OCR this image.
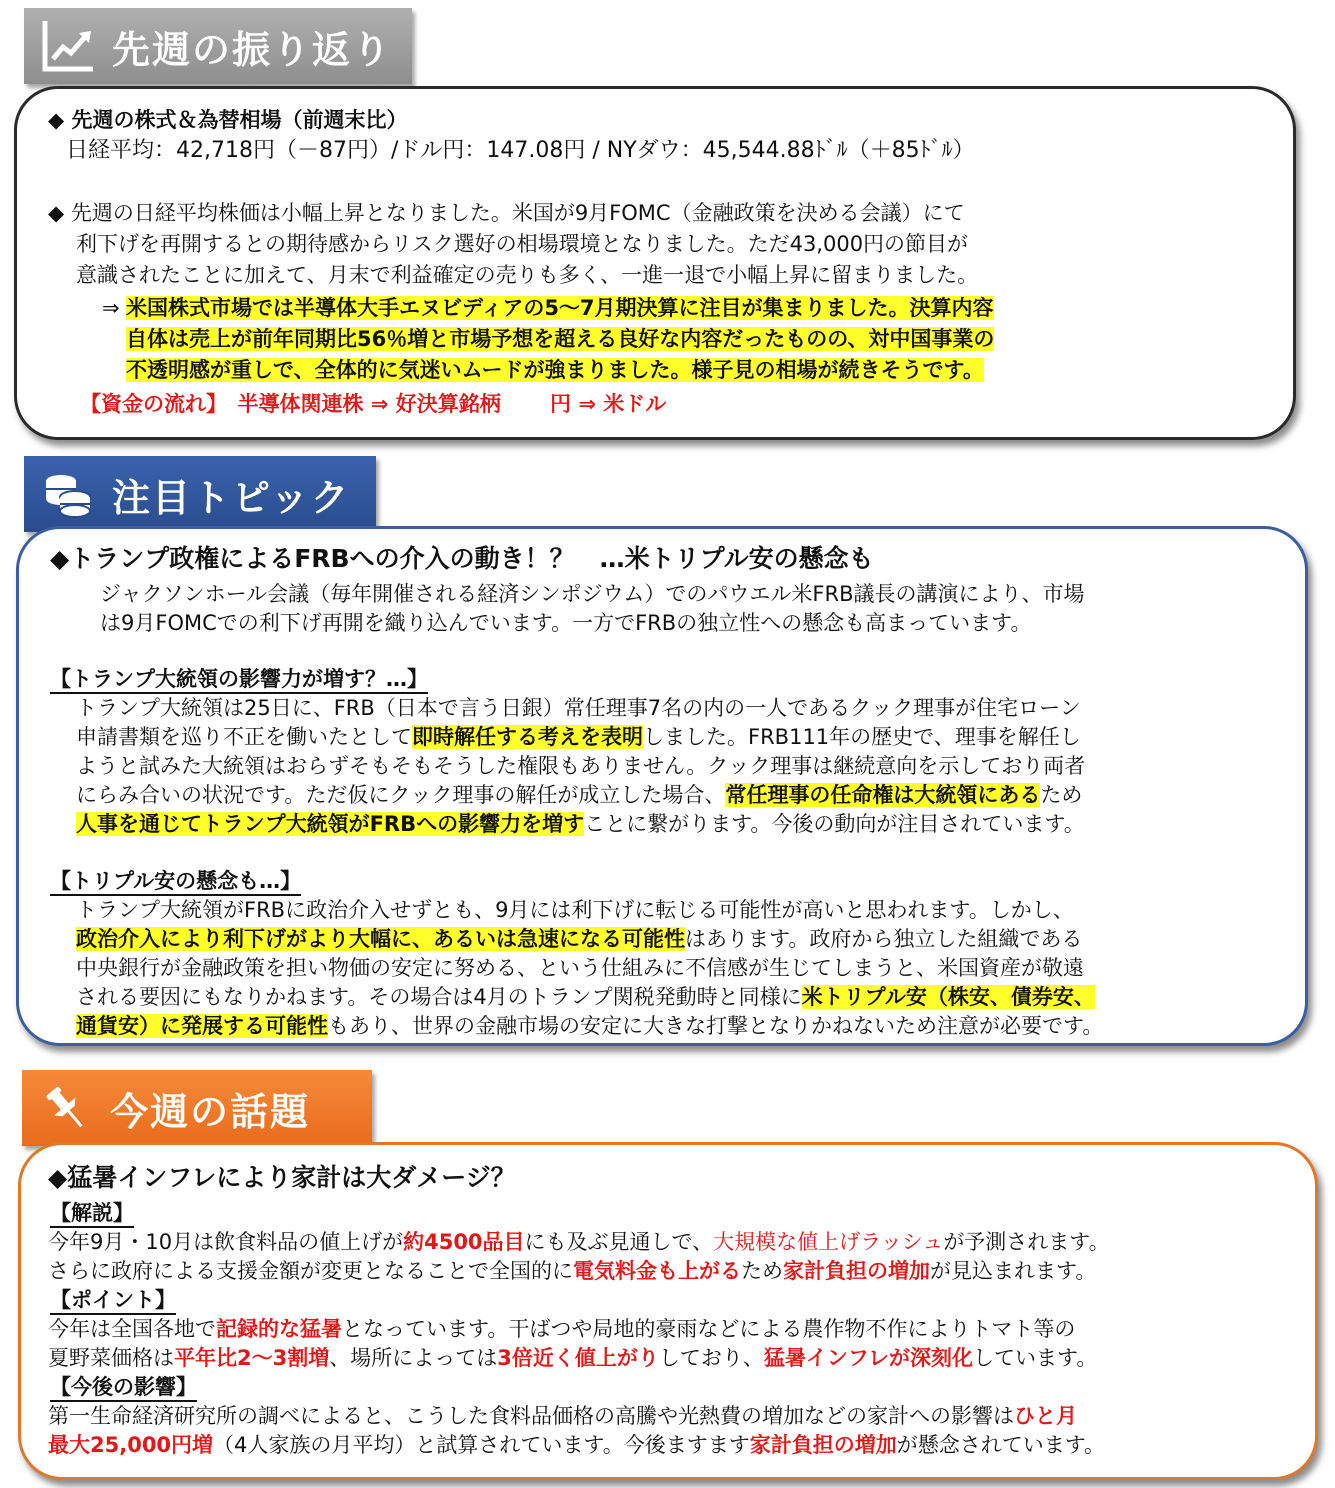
先週の振り返り
◆ 先週の株式＆為替相場（前週末比）
日経平均：42,718円（－87円）/ドル円：147.08円 / NYダウ：45,544.88ﾄﾞﾙ（＋85ﾄﾞﾙ）
◆ 先週の日経平均株価は小幅上昇となりました。米国が9月FOMC（金融政策を決める会議）にて
利下げを再開するとの期待感からリスク選好の相場環境となりました。ただ43,000円の節目が
意識されたことに加えて、月末で利益確定の売りも多く、一進一退で小幅上昇に留まりました。
⇒ 米国株式市場では半導体大手エヌビディアの5～7月期決算に注目が集まりました。決算内容
自体は売上が前年同期比56％増と市場予想を超える良好な内容だったものの、対中国事業の
不透明感が重しで、全体的に気迷いムードが強まりました。様子見の相場が続きそうです。
【資金の流れ】　半導体関連株 ⇒ 好決算銘柄　　 円 ⇒ 米ドル
注目トピック
◆トランプ政権によるFRBへの介入の動き！？　…米トリプル安の懸念も
ジャクソンホール会議（毎年開催される経済シンポジウム）でのパウエル米FRB議長の講演により、市場
は9月FOMCでの利下げ再開を織り込んでいます。一方でFRBの独立性への懸念も高まっています。
【トランプ大統領の影響力が増す？…】
トランプ大統領は25日に、FRB（日本で言う日銀）常任理事7名の内の一人であるクック理事が住宅ローン
申請書類を巡り不正を働いたとして即時解任する考えを表明しました。FRB111年の歴史で、理事を解任し
ようと試みた大統領はおらずそもそもそうした権限もありません。クック理事は継続意向を示しており両者
にらみ合いの状況です。ただ仮にクック理事の解任が成立した場合、常任理事の任命権は大統領にあるため
人事を通じてトランプ大統領がFRBへの影響力を増すことに繋がります。今後の動向が注目されています。
【トリプル安の懸念も…】
トランプ大統領がFRBに政治介入せずとも、9月には利下げに転じる可能性が高いと思われます。しかし、
政治介入により利下げがより大幅に、あるいは急速になる可能性はあります。政府から独立した組織である
中央銀行が金融政策を担い物価の安定に努める、という仕組みに不信感が生じてしまうと、米国資産が敬遠
される要因にもなりかねます。その場合は4月のトランプ関税発動時と同様に米トリプル安（株安、債券安、
通貨安）に発展する可能性もあり、世界の金融市場の安定に大きな打撃となりかねないため注意が必要です。
今週の話題
◆猛暑インフレにより家計は大ダメージ？
【解説】
今年9月・10月は飲食料品の値上げが約4500品目にも及ぶ見通しで、大規模な値上げラッシュが予測されます。
さらに政府による支援金額が変更となることで全国的に電気料金も上がるため家計負担の増加が見込まれます。
【ポイント】
今年は全国各地で記録的な猛暑となっています。干ばつや局地的豪雨などによる農作物不作によりトマト等の
夏野菜価格は平年比2～3割増、場所によっては3倍近く値上がりしており、猛暑インフレが深刻化しています。
【今後の影響】
第一生命経済研究所の調べによると、こうした食料品価格の高騰や光熱費の増加などの家計への影響はひと月
最大25,000円増（4人家族の月平均）と試算されています。今後ますます家計負担の増加が懸念されています。
